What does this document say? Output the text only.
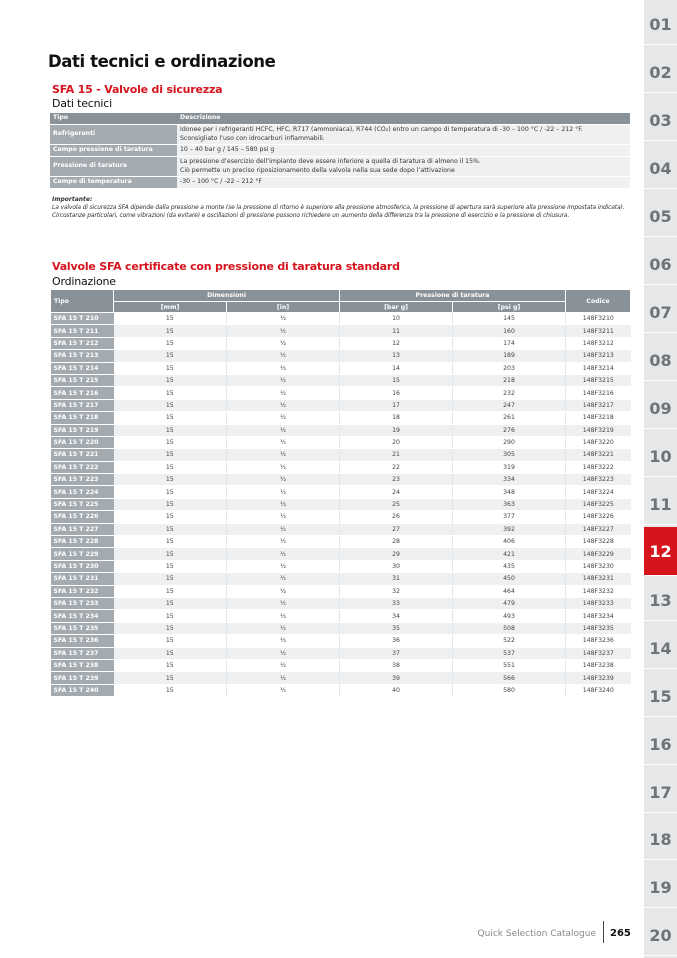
Dati tecnici e ordinazione
SFA 15 - Valvole di sicurezza
Dati tecnici
Tipo	Descrizione
Refrigeranti	Idonee per i refrigeranti HCFC, HFC, R717 (ammoniaca), R744 (CO₂) entro un campo di temperatura di -30 – 100 °C / -22 – 212 °F.
Sconsigliato l’uso con idrocarburi infiammabili.

Campo pressione di taratura	10 – 40 bar g / 145 – 580 psi g

Pressione di taratura	La pressione d’esercizio dell’impianto deve essere inferiore a quella di taratura di almeno il 15%.
Ciò permette un preciso riposizionamento della valvola nella sua sede dopo l’attivazione

Campo di temperatura	-30 – 100 °C / -22 – 212 °F
Importante:
La valvola di sicurezza SFA dipende dalla pressione a monte (se la pressione di ritorno è superiore alla pressione atmosferica, la pressione di apertura sarà superiore alla pressione impostata indicata).
Circostanze particolari, come vibrazioni (da evitare) e oscillazioni di pressione possono richiedere un aumento della differenza tra la pressione di esercizio e la pressione di chiusura.
Valvole SFA certificate con pressione di taratura standard
Ordinazione
Tipo	Dimensioni		Pressione di taratura		Codice
	[mm]	[in]	[bar g]	[psi g]	
SFA 15 T 210	15	¹⁄₂	10	145	148F3210
SFA 15 T 211	15	¹⁄₂	11	160	148F3211
SFA 15 T 212	15	¹⁄₂	12	174	148F3212
SFA 15 T 213	15	¹⁄₂	13	189	148F3213
SFA 15 T 214	15	¹⁄₂	14	203	148F3214
SFA 15 T 215	15	¹⁄₂	15	218	148F3215
SFA 15 T 216	15	¹⁄₂	16	232	148F3216
SFA 15 T 217	15	¹⁄₂	17	247	148F3217
SFA 15 T 218	15	¹⁄₂	18	261	148F3218
SFA 15 T 219	15	¹⁄₂	19	276	148F3219
SFA 15 T 220	15	¹⁄₂	20	290	148F3220
SFA 15 T 221	15	¹⁄₂	21	305	148F3221
SFA 15 T 222	15	¹⁄₂	22	319	148F3222
SFA 15 T 223	15	¹⁄₂	23	334	148F3223
SFA 15 T 224	15	¹⁄₂	24	348	148F3224
SFA 15 T 225	15	¹⁄₂	25	363	148F3225
SFA 15 T 226	15	¹⁄₂	26	377	148F3226
SFA 15 T 227	15	¹⁄₂	27	392	148F3227
SFA 15 T 228	15	¹⁄₂	28	406	148F3228
SFA 15 T 229	15	¹⁄₂	29	421	148F3229
SFA 15 T 230	15	¹⁄₂	30	435	148F3230
SFA 15 T 231	15	¹⁄₂	31	450	148F3231
SFA 15 T 232	15	¹⁄₂	32	464	148F3232
SFA 15 T 233	15	¹⁄₂	33	479	148F3233
SFA 15 T 234	15	¹⁄₂	34	493	148F3234
SFA 15 T 235	15	¹⁄₂	35	508	148F3235
SFA 15 T 236	15	¹⁄₂	36	522	148F3236
SFA 15 T 237	15	¹⁄₂	37	537	148F3237
SFA 15 T 238	15	¹⁄₂	38	551	148F3238
SFA 15 T 239	15	¹⁄₂	39	566	148F3239
SFA 15 T 240	15	¹⁄₂	40	580	148F3240
01
02
03
04
05
06
07
08
09
10
11
12
13
14
15
16
17
18
19
20
Quick Selection Catalogue 265
